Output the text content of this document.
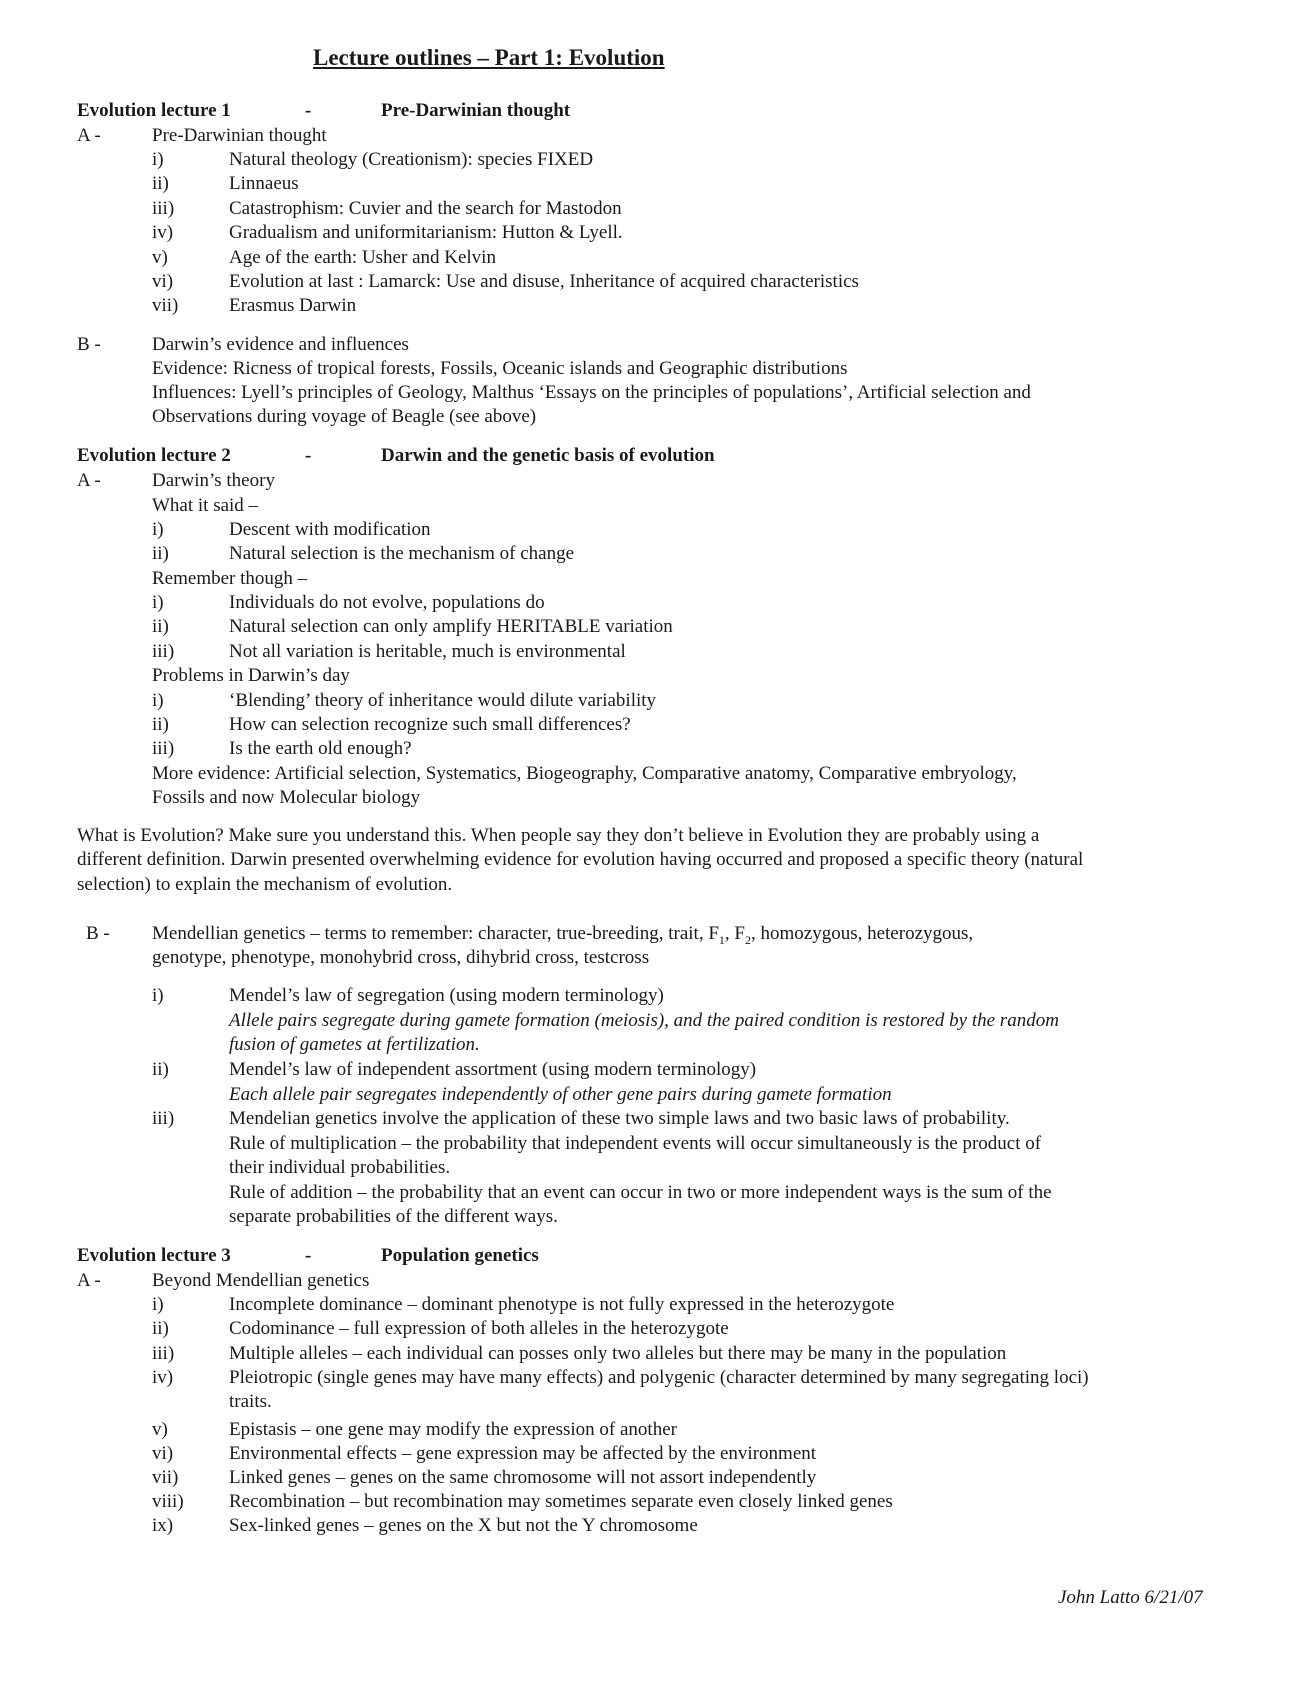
Lecture outlines – Part 1: Evolution
Evolution lecture 1	-	Pre-Darwinian thought
A -	Pre-Darwinian thought
i)	Natural theology (Creationism): species FIXED
ii)	Linnaeus
iii)	Catastrophism: Cuvier and the search for Mastodon
iv)	Gradualism and uniformitarianism: Hutton & Lyell.
v)	Age of the earth: Usher and Kelvin
vi)	Evolution at last : Lamarck: Use and disuse, Inheritance of acquired characteristics
vii)	Erasmus Darwin
B -	Darwin’s evidence and influences
Evidence: Ricness of tropical forests, Fossils, Oceanic islands and Geographic distributions
Influences: Lyell’s principles of Geology, Malthus ‘Essays on the principles of populations’, Artificial selection and
Observations during voyage of Beagle (see above)
Evolution lecture 2	-	Darwin and the genetic basis of evolution
A -	Darwin’s theory
What it said –
i)	Descent with modification
ii)	Natural selection is the mechanism of change
Remember though –
i)	Individuals do not evolve, populations do
ii)	Natural selection can only amplify HERITABLE variation
iii)	Not all variation is heritable, much is environmental
Problems in Darwin’s day
i)	‘Blending’ theory of inheritance would dilute variability
ii)	How can selection recognize such small differences?
iii)	Is the earth old enough?
More evidence: Artificial selection, Systematics, Biogeography, Comparative anatomy, Comparative embryology,
Fossils and now Molecular biology
What is Evolution? Make sure you understand this. When people say they don’t believe in Evolution they are probably using a
different definition. Darwin presented overwhelming evidence for evolution having occurred and proposed a specific theory (natural
selection) to explain the mechanism of evolution.
B - Mendellian genetics – terms to remember: character, true-breeding, trait, $F_1$, $F_2$, homozygous, heterozygous,
genotype, phenotype, monohybrid cross, dihybrid cross, testcross
i)	Mendel’s law of segregation (using modern terminology)
Allele pairs segregate during gamete formation (meiosis), and the paired condition is restored by the random
fusion of gametes at fertilization.
ii)	Mendel’s law of independent assortment (using modern terminology)
Each allele pair segregates independently of other gene pairs during gamete formation
iii)	Mendelian genetics involve the application of these two simple laws and two basic laws of probability.
Rule of multiplication – the probability that independent events will occur simultaneously is the product of
their individual probabilities.
Rule of addition – the probability that an event can occur in two or more independent ways is the sum of the
separate probabilities of the different ways.
Evolution lecture 3	-	Population genetics
A -	Beyond Mendellian genetics
i)	Incomplete dominance – dominant phenotype is not fully expressed in the heterozygote
ii)	Codominance – full expression of both alleles in the heterozygote
iii)	Multiple alleles – each individual can posses only two alleles but there may be many in the population
iv)	Pleiotropic (single genes may have many effects) and polygenic (character determined by many segregating loci)
traits.
v)	Epistasis – one gene may modify the expression of another
vi)	Environmental effects – gene expression may be affected by the environment
vii)	Linked genes – genes on the same chromosome will not assort independently
viii) Recombination – but recombination may sometimes separate even closely linked genes
ix)	Sex-linked genes – genes on the X but not the Y chromosome
John Latto 6/21/07
